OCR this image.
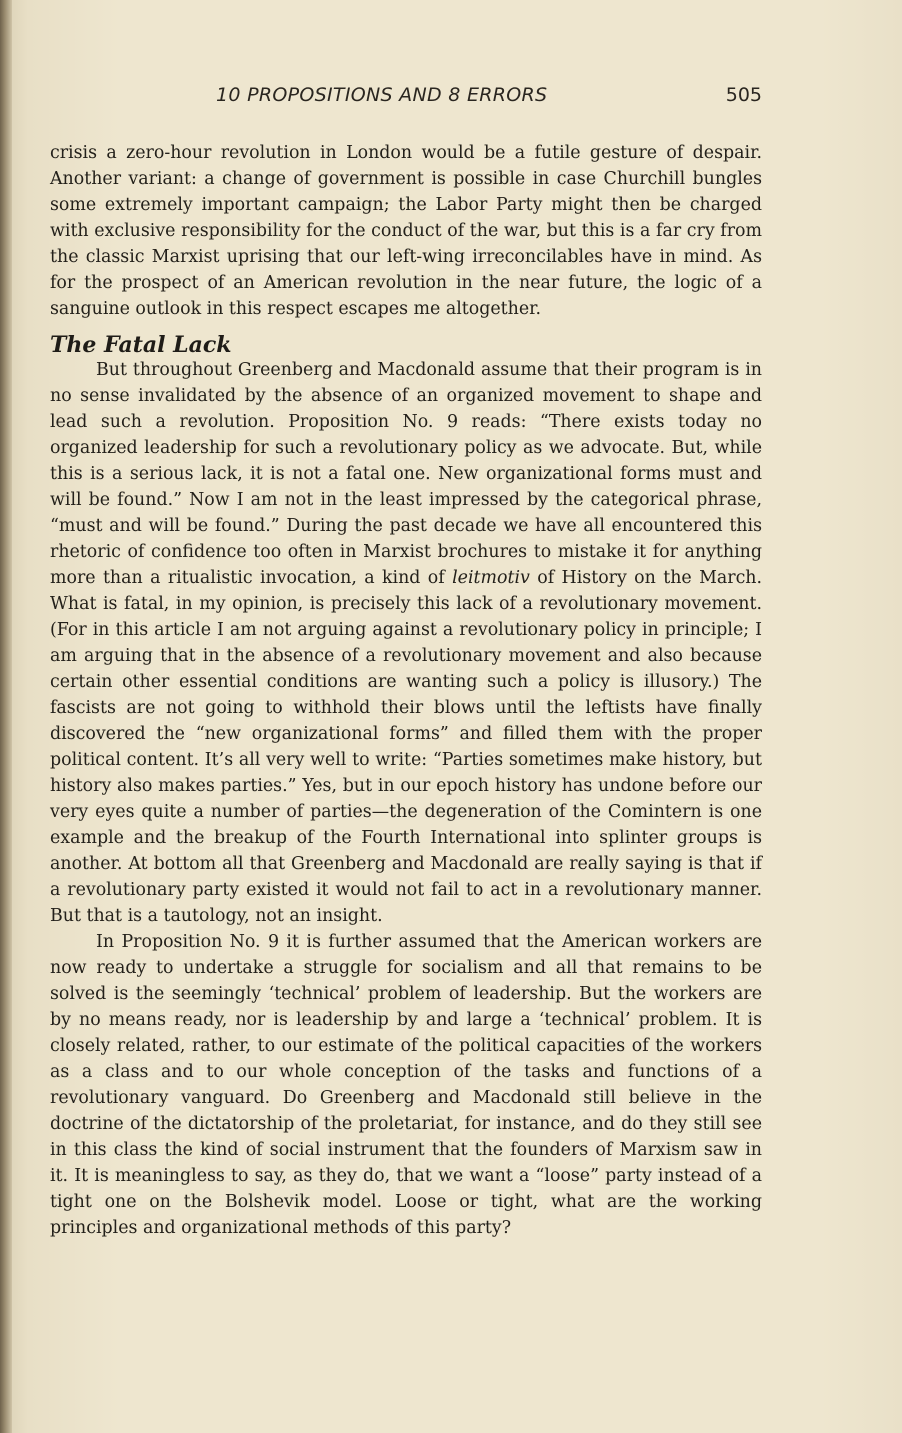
10 PROPOSITIONS AND 8 ERRORS	505

crisis a zero-hour revolution in London would be a futile gesture of despair. Another variant: a change of government is possible in case Churchill bungles some extremely important campaign; the Labor Party might then be charged with exclusive responsibility for the conduct of the war, but this is a far cry from the classic Marxist uprising that our left-wing irreconcilables have in mind. As for the prospect of an American revolution in the near future, the logic of a sanguine outlook in this respect escapes me altogether.

The Fatal Lack

But throughout Greenberg and Macdonald assume that their program is in no sense invalidated by the absence of an organized movement to shape and lead such a revolution. Proposition No. 9 reads: “There exists today no organized leadership for such a revolutionary policy as we advocate. But, while this is a serious lack, it is not a fatal one. New organizational forms must and will be found.” Now I am not in the least impressed by the categorical phrase, “must and will be found.” During the past decade we have all encountered this rhetoric of confidence too often in Marxist brochures to mistake it for anything more than a ritualistic invocation, a kind of leitmotiv of History on the March. What is fatal, in my opinion, is precisely this lack of a revolutionary movement. (For in this article I am not arguing against a revolutionary policy in principle; I am arguing that in the absence of a revolutionary movement and also because certain other essential conditions are wanting such a policy is illusory.) The fascists are not going to withhold their blows until the leftists have finally discovered the “new organizational forms” and filled them with the proper political content. It’s all very well to write: “Parties sometimes make history, but history also makes parties.” Yes, but in our epoch history has undone before our very eyes quite a number of parties—the degeneration of the Comintern is one example and the breakup of the Fourth International into splinter groups is another. At bottom all that Greenberg and Macdonald are really saying is that if a revolutionary party existed it would not fail to act in a revolutionary manner. But that is a tautology, not an insight.

In Proposition No. 9 it is further assumed that the American workers are now ready to undertake a struggle for socialism and all that remains to be solved is the seemingly ‘technical’ problem of leadership. But the workers are by no means ready, nor is leadership by and large a ‘technical’ problem. It is closely related, rather, to our estimate of the political capacities of the workers as a class and to our whole conception of the tasks and functions of a revolutionary vanguard. Do Greenberg and Macdonald still believe in the doctrine of the dictatorship of the proletariat, for instance, and do they still see in this class the kind of social instrument that the founders of Marxism saw in it. It is meaningless to say, as they do, that we want a “loose” party instead of a tight one on the Bolshevik model. Loose or tight, what are the working principles and organizational methods of this party?
